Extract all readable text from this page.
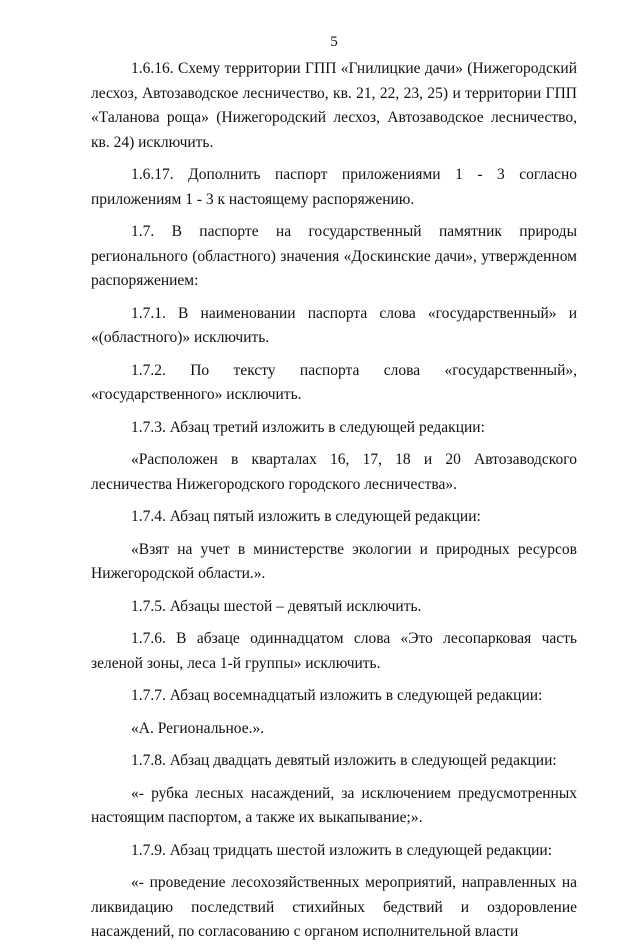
5

1.6.16. Схему территории ГПП «Гнилицкие дачи» (Нижегородский лесхоз, Автозаводское лесничество, кв. 21, 22, 23, 25) и территории ГПП «Таланова роща» (Нижегородский лесхоз, Автозаводское лесничество, кв. 24) исключить.

1.6.17. Дополнить паспорт приложениями 1 - 3 согласно приложениям 1 - 3 к настоящему распоряжению.

1.7. В паспорте на государственный памятник природы регионального (областного) значения «Доскинские дачи», утвержденном распоряжением:

1.7.1. В наименовании паспорта слова «государственный» и «(областного)» исключить.

1.7.2. По тексту паспорта слова «государственный», «государственного» исключить.

1.7.3. Абзац третий изложить в следующей редакции:

«Расположен в кварталах 16, 17, 18 и 20 Автозаводского лесничества Нижегородского городского лесничества».

1.7.4. Абзац пятый изложить в следующей редакции:

«Взят на учет в министерстве экологии и природных ресурсов Нижегородской области.».

1.7.5. Абзацы шестой – девятый исключить.

1.7.6. В абзаце одиннадцатом слова «Это лесопарковая часть зеленой зоны, леса 1-й группы» исключить.

1.7.7. Абзац восемнадцатый изложить в следующей редакции:

«А. Региональное.».

1.7.8. Абзац двадцать девятый изложить в следующей редакции:

«- рубка лесных насаждений, за исключением предусмотренных настоящим паспортом, а также их выкапывание;».

1.7.9. Абзац тридцать шестой изложить в следующей редакции:

«- проведение лесохозяйственных мероприятий, направленных на ликвидацию последствий стихийных бедствий и оздоровление насаждений, по согласованию с органом исполнительной власти
